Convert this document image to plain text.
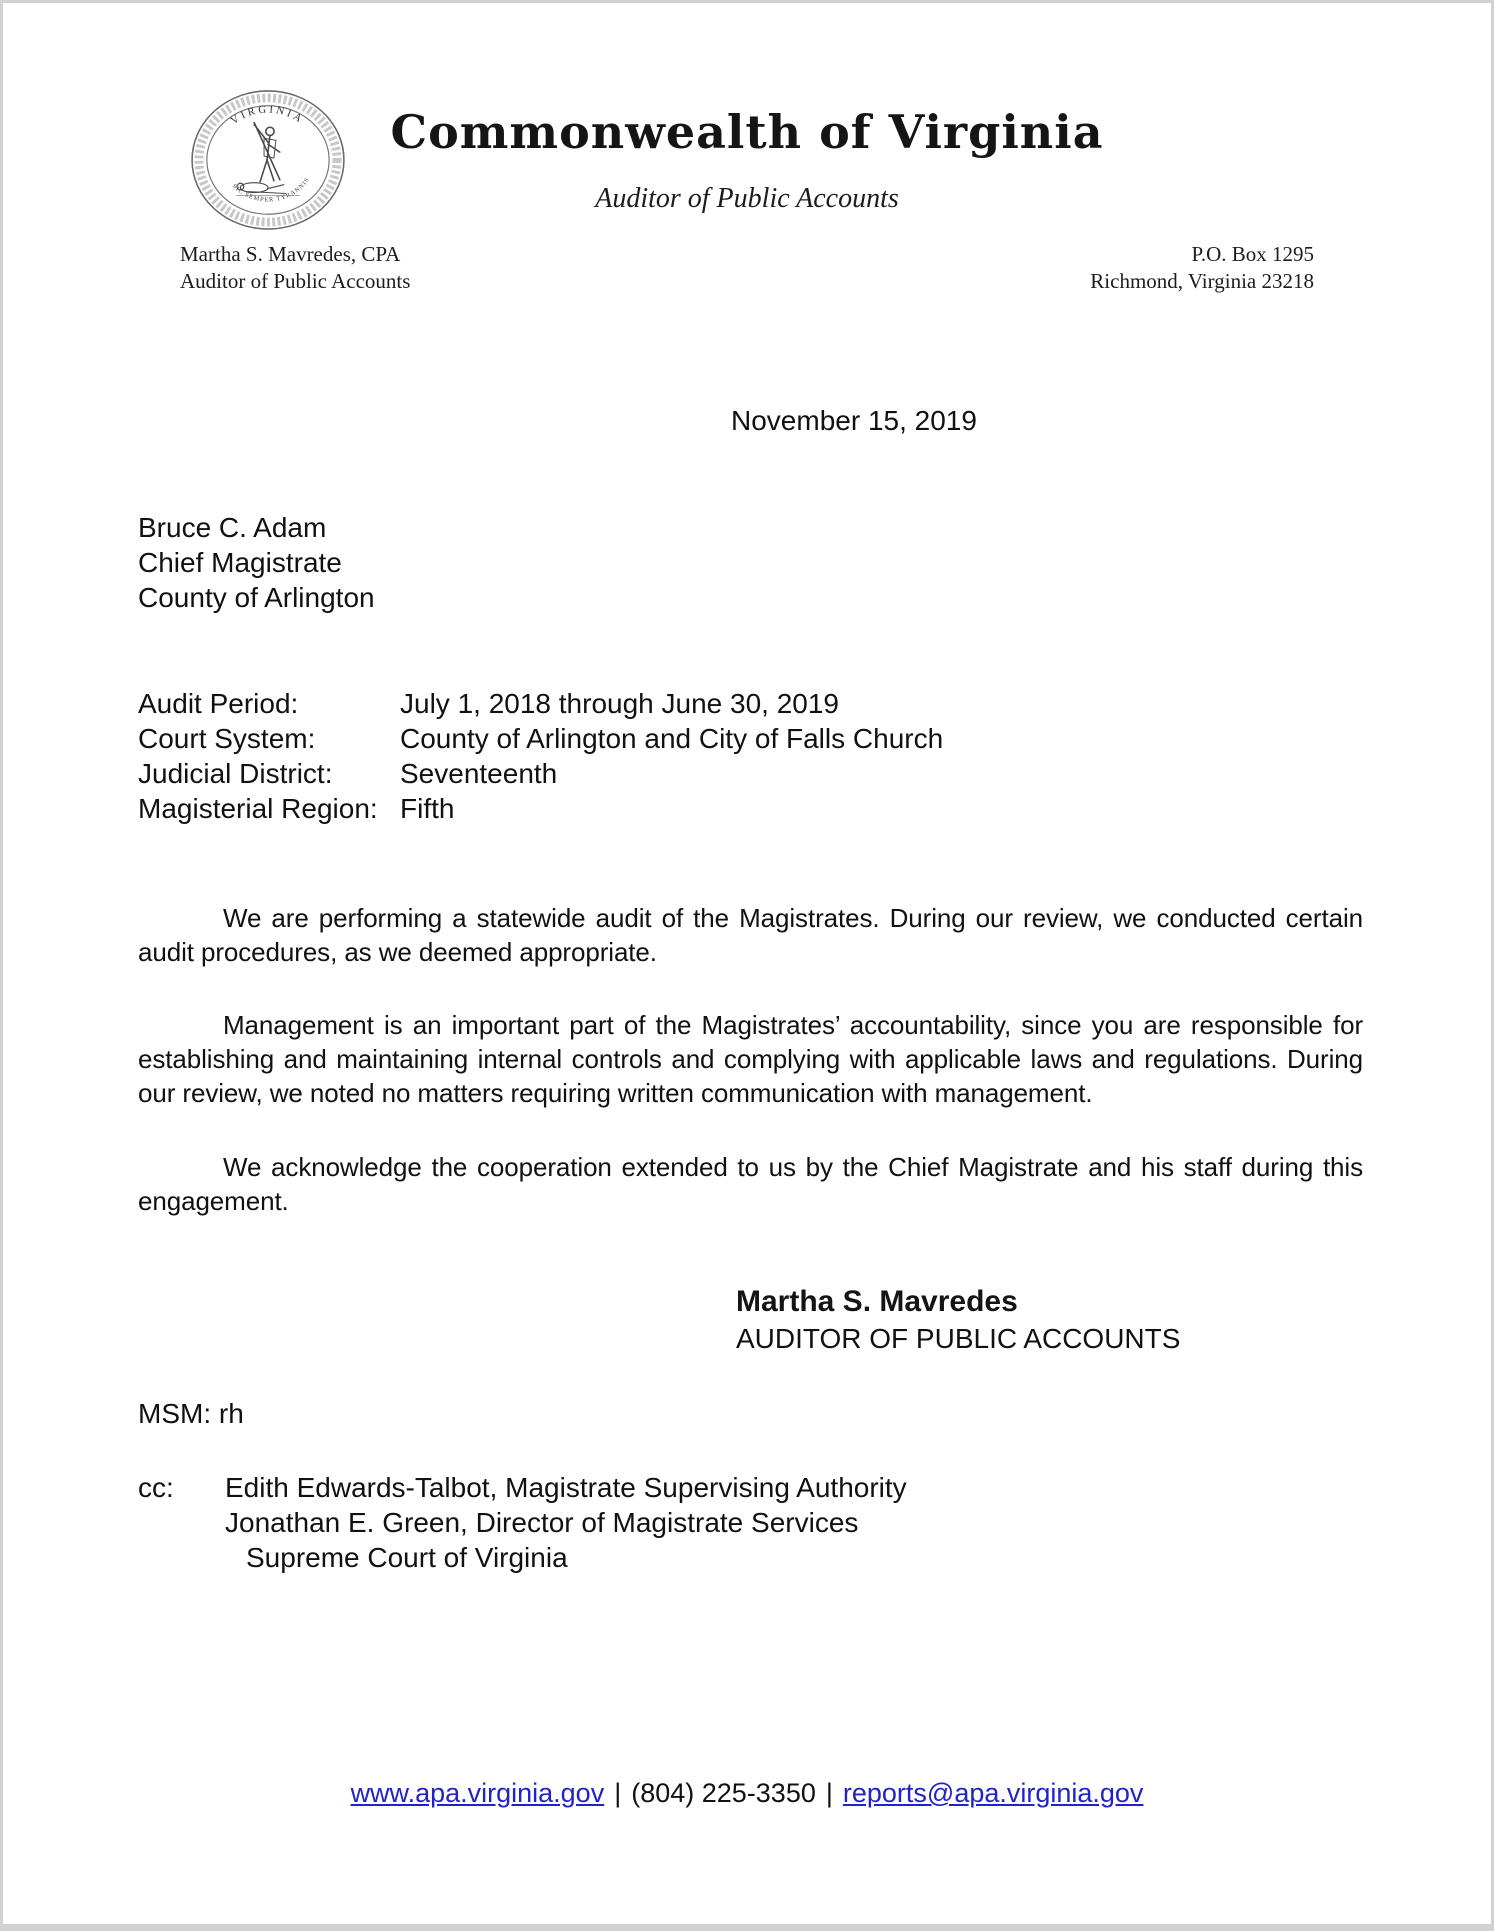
VIRGINIA
SIC SEMPER TYRANNIS
Commonwealth of Virginia
Auditor of Public Accounts
Martha S. Mavredes, CPA
Auditor of Public Accounts
P.O. Box 1295
Richmond, Virginia 23218
November 15, 2019
Bruce C. Adam
Chief Magistrate
County of Arlington
Audit Period:	July 1, 2018 through June 30, 2019
Court System:	County of Arlington and City of Falls Church
Judicial District:	Seventeenth
Magisterial Region: Fifth
We are performing a statewide audit of the Magistrates. During our review, we conducted certain audit procedures, as we deemed appropriate.
Management is an important part of the Magistrates’ accountability, since you are responsible for establishing and maintaining internal controls and complying with applicable laws and regulations. During our review, we noted no matters requiring written communication with management.
We acknowledge the cooperation extended to us by the Chief Magistrate and his staff during this engagement.
Martha S. Mavredes
AUDITOR OF PUBLIC ACCOUNTS
MSM: rh
cc:	Edith Edwards-Talbot, Magistrate Supervising Authority
Jonathan E. Green, Director of Magistrate Services
Supreme Court of Virginia
www.apa.virginia.gov | (804) 225-3350 | reports@apa.virginia.gov
